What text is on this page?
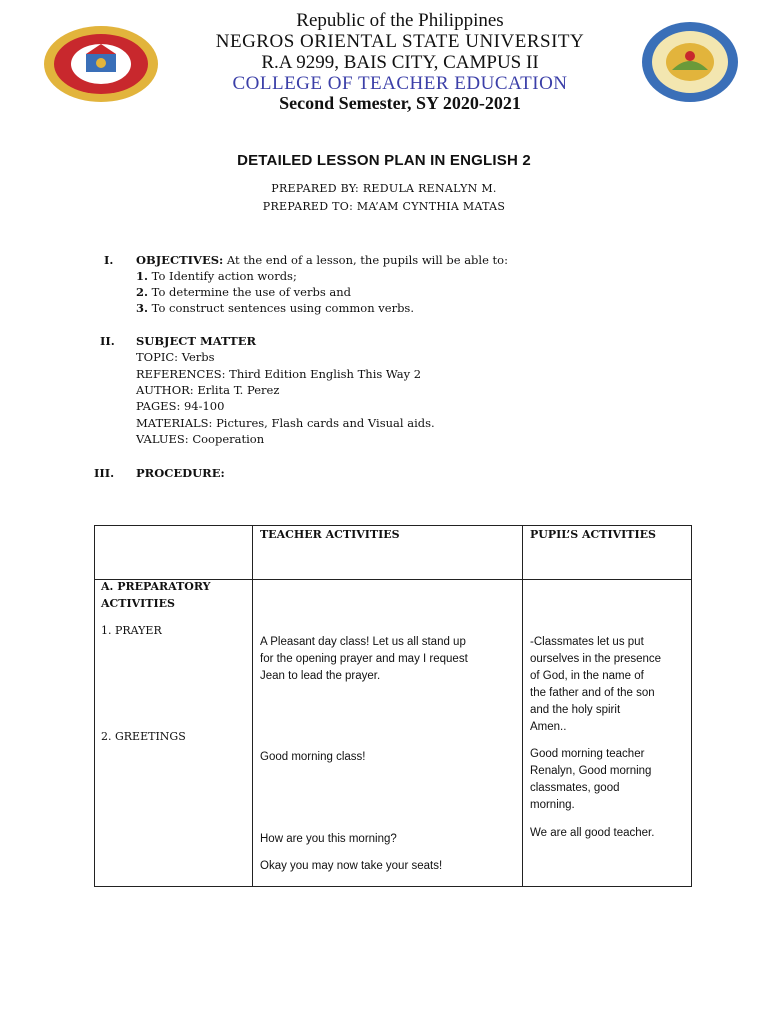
Republic of the Philippines
NEGROS ORIENTAL STATE UNIVERSITY
R.A 9299, BAIS CITY, CAMPUS II
COLLEGE OF TEACHER EDUCATION
Second Semester, SY 2020-2021
DETAILED LESSON PLAN IN ENGLISH 2
PREPARED BY: REDULA RENALYN M.
PREPARED TO: MA’AM CYNTHIA MATAS
I. OBJECTIVES: At the end of a lesson, the pupils will be able to:
1. To Identify action words;
2. To determine the use of verbs and
3. To construct sentences using common verbs.
II. SUBJECT MATTER
TOPIC: Verbs
REFERENCES: Third Edition English This Way 2
AUTHOR: Erlita T. Perez
PAGES: 94-100
MATERIALS: Pictures, Flash cards and Visual aids.
VALUES: Cooperation
III. PROCEDURE:
TEACHER ACTIVITIES	PUPIL’S ACTIVITIES
A. PREPARATORY
ACTIVITIES
1. PRAYER
2. GREETINGS
A Pleasant day class! Let us all stand up
for the opening prayer and may I request
Jean to lead the prayer.
Good morning class!
How are you this morning?
Okay you may now take your seats!
-Classmates let us put
ourselves in the presence
of God, in the name of
the father and of the son
and the holy spirit
Amen..
Good morning teacher
Renalyn, Good morning
classmates, good
morning.
We are all good teacher.
